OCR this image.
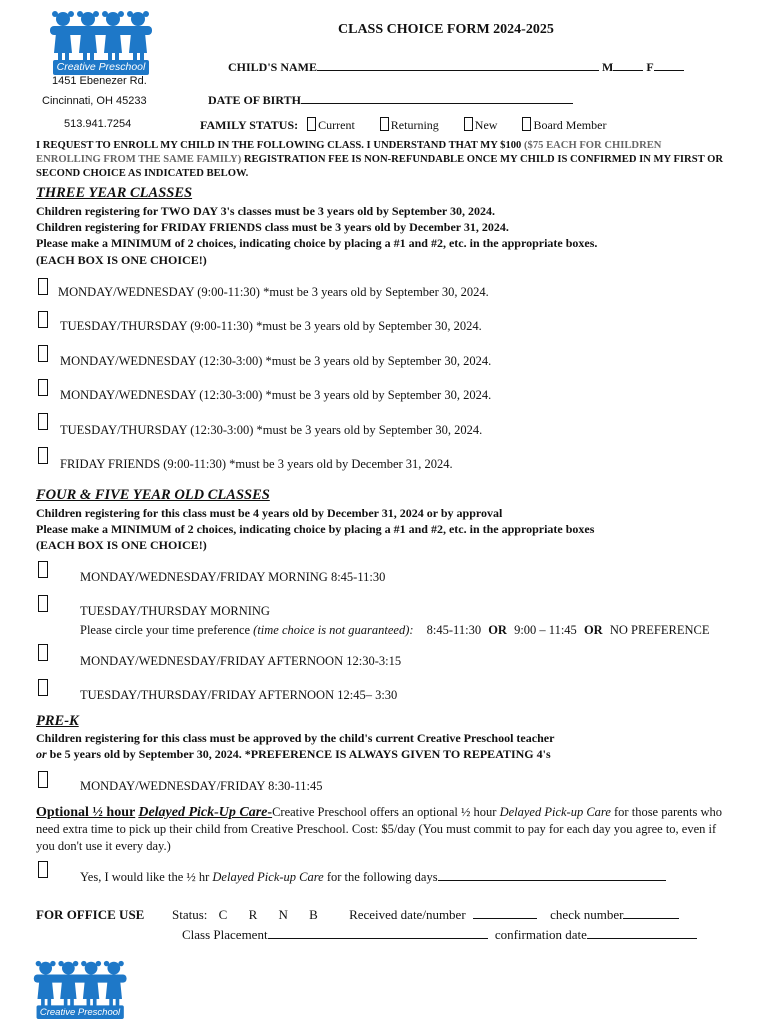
Creative Preschool
1451 Ebenezer Rd.
Cincinnati, OH 45233
513.941.7254
CLASS CHOICE FORM 2024-2025
CHILD'S NAME	M	F
DATE OF BIRTH
FAMILY STATUS: Current	Returning	New	Board Member
I REQUEST TO ENROLL MY CHILD IN THE FOLLOWING CLASS. I UNDERSTAND THAT MY $100 ($75 EACH FOR CHILDREN ENROLLING FROM THE SAME FAMILY) REGISTRATION FEE IS NON-REFUNDABLE ONCE MY CHILD IS CONFIRMED IN MY FIRST OR SECOND CHOICE AS INDICATED BELOW.
THREE YEAR CLASSES
Children registering for TWO DAY 3's classes must be 3 years old by September 30, 2024.
Children registering for FRIDAY FRIENDS class must be 3 years old by December 31, 2024.
Please make a MINIMUM of 2 choices, indicating choice by placing a #1 and #2, etc. in the appropriate boxes.
(EACH BOX IS ONE CHOICE!)
MONDAY/WEDNESDAY (9:00-11:30) *must be 3 years old by September 30, 2024.
TUESDAY/THURSDAY (9:00-11:30) *must be 3 years old by September 30, 2024.
MONDAY/WEDNESDAY (12:30-3:00) *must be 3 years old by September 30, 2024.
MONDAY/WEDNESDAY (12:30-3:00) *must be 3 years old by September 30, 2024.
TUESDAY/THURSDAY (12:30-3:00) *must be 3 years old by September 30, 2024.
FRIDAY FRIENDS (9:00-11:30) *must be 3 years old by December 31, 2024.
FOUR & FIVE YEAR OLD CLASSES
Children registering for this class must be 4 years old by December 31, 2024 or by approval
Please make a MINIMUM of 2 choices, indicating choice by placing a #1 and #2, etc. in the appropriate boxes
(EACH BOX IS ONE CHOICE!)
MONDAY/WEDNESDAY/FRIDAY MORNING 8:45-11:30
TUESDAY/THURSDAY MORNING
Please circle your time preference (time choice is not guaranteed): 8:45-11:30 OR 9:00 – 11:45 OR NO PREFERENCE
MONDAY/WEDNESDAY/FRIDAY AFTERNOON 12:30-3:15
TUESDAY/THURSDAY/FRIDAY AFTERNOON 12:45– 3:30
PRE-K
Children registering for this class must be approved by the child's current Creative Preschool teacher
or be 5 years old by September 30, 2024. *PREFERENCE IS ALWAYS GIVEN TO REPEATING 4's
MONDAY/WEDNESDAY/FRIDAY 8:30-11:45
Optional ½ hour Delayed Pick-Up Care-Creative Preschool offers an optional ½ hour Delayed Pick-up Care for those parents who need extra time to pick up their child from Creative Preschool. Cost: $5/day (You must commit to pay for each day you agree to, even if you don't use it every day.)
Yes, I would like the ½ hr Delayed Pick-up Care for the following days
FOR OFFICE USE Status: C R N B Received date/number	check number
Class Placement	confirmation date
Creative Preschool
